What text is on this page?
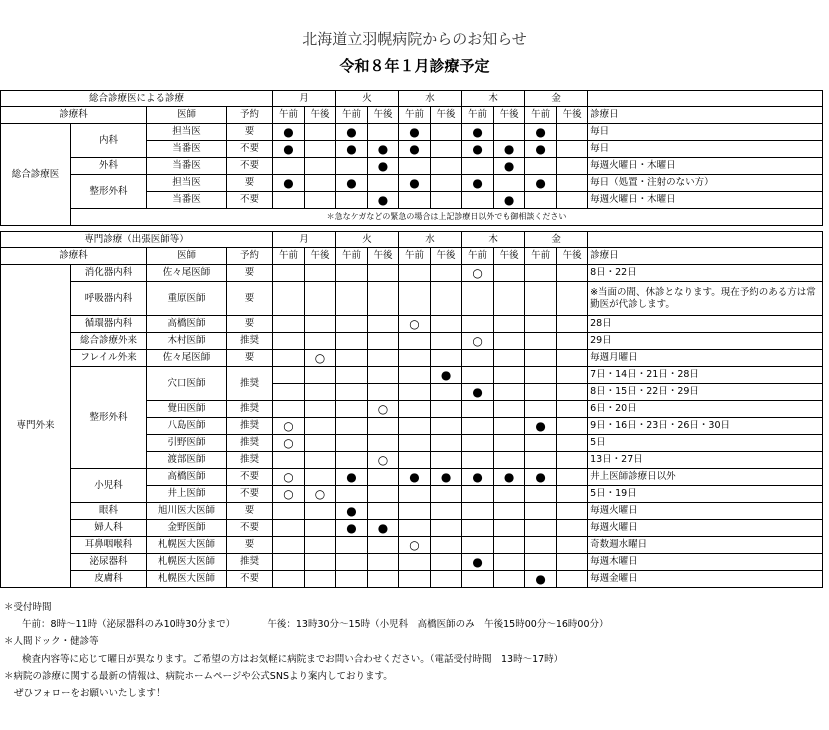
北海道立羽幌病院からのお知らせ
令和８年１月診療予定
総合診療医による診療				月		火		水		木		金		
診療科		医師	予約	午前	午後	午前	午後	午前	午後	午前	午後	午前	午後	診療日
総合診療医	内科	担当医	要	●		●		●		●		●		毎日
		当番医	不要	●		●	●	●		●	●	●		毎日
	外科	当番医	不要				●				●			毎週火曜日・木曜日
	整形外科	担当医	要	●		●		●		●		●		毎日（処置・注射のない方）
		当番医	不要				●				●			毎週火曜日・木曜日
	＊急なケガなどの緊急の場合は上記診療日以外でも御相談ください													
専門診療（出張医師等）				月		火		水		木		金		
診療科		医師	予約	午前	午後	午前	午後	午前	午後	午前	午後	午前	午後	診療日
専門外来	消化器内科	佐々尾医師	要							○				8日・22日
	呼吸器内科	重原医師	要											※当面の間、休診となります。現在予約のある方は常勤医が代診します。
	循環器内科	高橋医師	要					○						28日
	総合診療外来	木村医師	推奨							○				29日
	フレイル外来	佐々尾医師	要		○									毎週月曜日
	整形外科	穴口医師	推奨						●					7日・14日・21日・28日
										●				8日・15日・22日・29日
		覺田医師	推奨				○							6日・20日
		八島医師	推奨	○								●		9日・16日・23日・26日・30日
		引野医師	推奨	○										5日
		渡部医師	推奨				○							13日・27日
	小児科	高橋医師	不要	○		●		●	●	●	●	●		井上医師診療日以外
		井上医師	不要	○	○									5日・19日
	眼科	旭川医大医師	要			●								毎週火曜日
	婦人科	金野医師	不要			●	●							毎週火曜日
	耳鼻咽喉科	札幌医大医師	要					○						奇数週水曜日
	泌尿器科	札幌医大医師	推奨							●				毎週木曜日
	皮膚科	札幌医大医師	不要									●		毎週金曜日
＊受付時間
午前：8時～11時（泌尿器科のみ10時30分まで）	午後：13時30分～15時（小児科　高橋医師のみ　午後15時00分～16時00分）
＊人間ドック・健診等
検査内容等に応じて曜日が異なります。ご希望の方はお気軽に病院までお問い合わせください。（電話受付時間　13時～17時）
＊病院の診療に関する最新の情報は、病院ホームページや公式SNSより案内しております。
ぜひフォローをお願いいたします！
